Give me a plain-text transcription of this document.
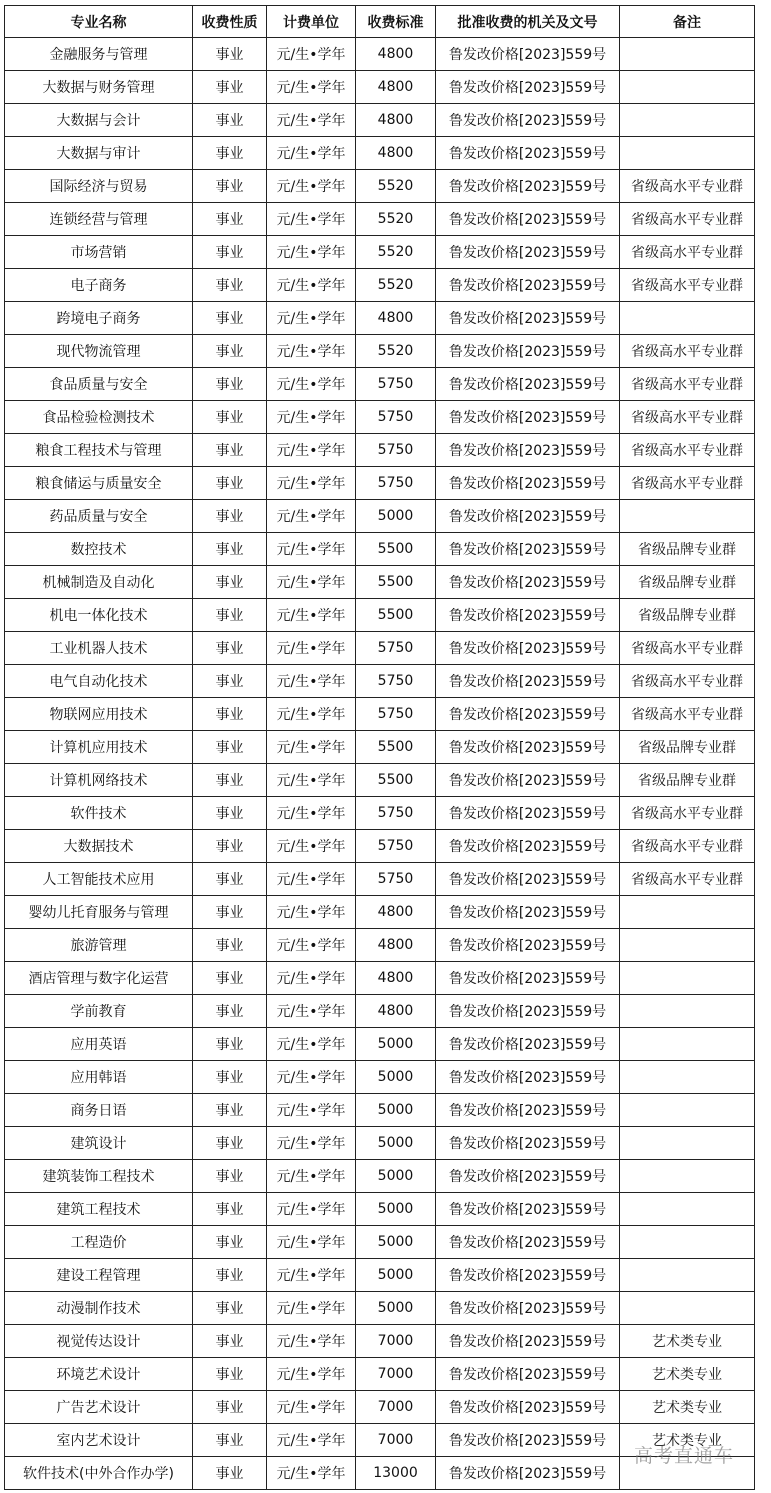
专业名称	收费性质	计费单位	收费标准	批准收费的机关及文号	备注
金融服务与管理	事业	元/生•学年	4800	鲁发改价格[2023]559号	
大数据与财务管理	事业	元/生•学年	4800	鲁发改价格[2023]559号	
大数据与会计	事业	元/生•学年	4800	鲁发改价格[2023]559号	
大数据与审计	事业	元/生•学年	4800	鲁发改价格[2023]559号	
国际经济与贸易	事业	元/生•学年	5520	鲁发改价格[2023]559号	省级高水平专业群
连锁经营与管理	事业	元/生•学年	5520	鲁发改价格[2023]559号	省级高水平专业群
市场营销	事业	元/生•学年	5520	鲁发改价格[2023]559号	省级高水平专业群
电子商务	事业	元/生•学年	5520	鲁发改价格[2023]559号	省级高水平专业群
跨境电子商务	事业	元/生•学年	4800	鲁发改价格[2023]559号	
现代物流管理	事业	元/生•学年	5520	鲁发改价格[2023]559号	省级高水平专业群
食品质量与安全	事业	元/生•学年	5750	鲁发改价格[2023]559号	省级高水平专业群
食品检验检测技术	事业	元/生•学年	5750	鲁发改价格[2023]559号	省级高水平专业群
粮食工程技术与管理	事业	元/生•学年	5750	鲁发改价格[2023]559号	省级高水平专业群
粮食储运与质量安全	事业	元/生•学年	5750	鲁发改价格[2023]559号	省级高水平专业群
药品质量与安全	事业	元/生•学年	5000	鲁发改价格[2023]559号	
数控技术	事业	元/生•学年	5500	鲁发改价格[2023]559号	省级品牌专业群
机械制造及自动化	事业	元/生•学年	5500	鲁发改价格[2023]559号	省级品牌专业群
机电一体化技术	事业	元/生•学年	5500	鲁发改价格[2023]559号	省级品牌专业群
工业机器人技术	事业	元/生•学年	5750	鲁发改价格[2023]559号	省级高水平专业群
电气自动化技术	事业	元/生•学年	5750	鲁发改价格[2023]559号	省级高水平专业群
物联网应用技术	事业	元/生•学年	5750	鲁发改价格[2023]559号	省级高水平专业群
计算机应用技术	事业	元/生•学年	5500	鲁发改价格[2023]559号	省级品牌专业群
计算机网络技术	事业	元/生•学年	5500	鲁发改价格[2023]559号	省级品牌专业群
软件技术	事业	元/生•学年	5750	鲁发改价格[2023]559号	省级高水平专业群
大数据技术	事业	元/生•学年	5750	鲁发改价格[2023]559号	省级高水平专业群
人工智能技术应用	事业	元/生•学年	5750	鲁发改价格[2023]559号	省级高水平专业群
婴幼儿托育服务与管理	事业	元/生•学年	4800	鲁发改价格[2023]559号	
旅游管理	事业	元/生•学年	4800	鲁发改价格[2023]559号	
酒店管理与数字化运营	事业	元/生•学年	4800	鲁发改价格[2023]559号	
学前教育	事业	元/生•学年	4800	鲁发改价格[2023]559号	
应用英语	事业	元/生•学年	5000	鲁发改价格[2023]559号	
应用韩语	事业	元/生•学年	5000	鲁发改价格[2023]559号	
商务日语	事业	元/生•学年	5000	鲁发改价格[2023]559号	
建筑设计	事业	元/生•学年	5000	鲁发改价格[2023]559号	
建筑装饰工程技术	事业	元/生•学年	5000	鲁发改价格[2023]559号	
建筑工程技术	事业	元/生•学年	5000	鲁发改价格[2023]559号	
工程造价	事业	元/生•学年	5000	鲁发改价格[2023]559号	
建设工程管理	事业	元/生•学年	5000	鲁发改价格[2023]559号	
动漫制作技术	事业	元/生•学年	5000	鲁发改价格[2023]559号	
视觉传达设计	事业	元/生•学年	7000	鲁发改价格[2023]559号	艺术类专业
环境艺术设计	事业	元/生•学年	7000	鲁发改价格[2023]559号	艺术类专业
广告艺术设计	事业	元/生•学年	7000	鲁发改价格[2023]559号	艺术类专业
室内艺术设计	事业	元/生•学年	7000	鲁发改价格[2023]559号	艺术类专业
软件技术(中外合作办学)	事业	元/生•学年	13000	鲁发改价格[2023]559号	
高考直通车
